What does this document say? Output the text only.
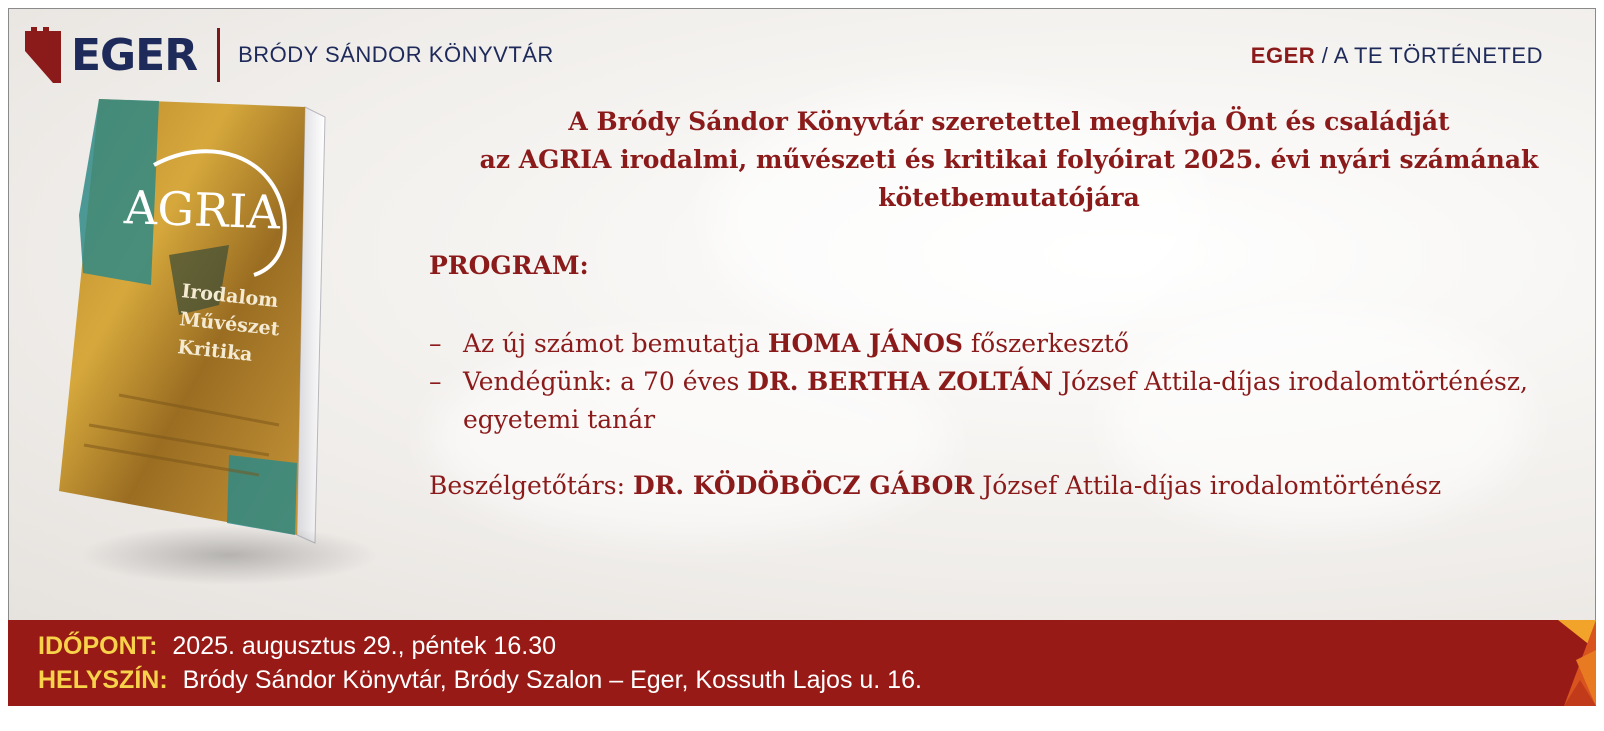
EGER BRÓDY SÁNDOR KÖNYVTÁR	EGER / A TE TÖRTÉNETED
AGRIA
Irodalom
Művészet
Kritika
A Bródy Sándor Könyvtár szeretettel meghívja Önt és családját
az AGRIA irodalmi, művészeti és kritikai folyóirat 2025. évi nyári számának
kötetbemutatójára
PROGRAM:
– Az új számot bemutatja HOMA JÁNOS főszerkesztő
– Vendégünk: a 70 éves DR. BERTHA ZOLTÁN József Attila-díjas irodalomtörténész, egyetemi tanár
Beszélgetőtárs: DR. KÖDÖBÖCZ GÁBOR József Attila-díjas irodalomtörténész
IDŐPONT: 2025. augusztus 29., péntek 16.30
HELYSZÍN: Bródy Sándor Könyvtár, Bródy Szalon – Eger, Kossuth Lajos u. 16.
